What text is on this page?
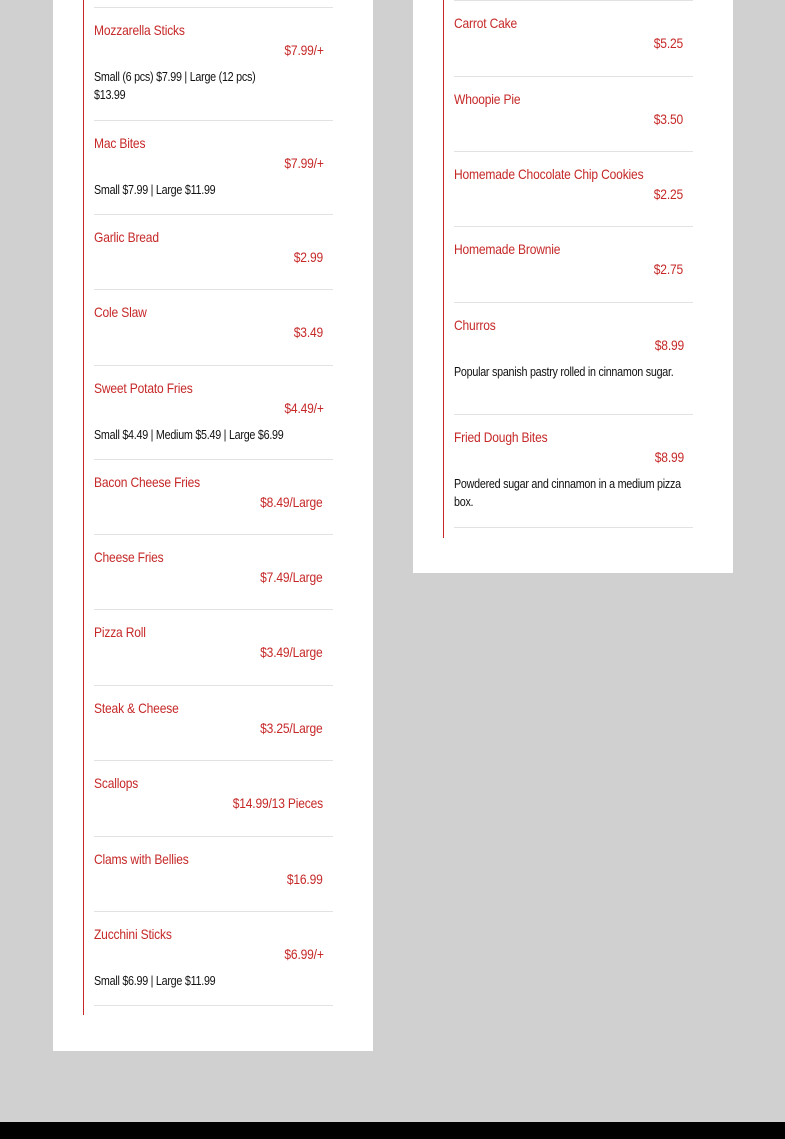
Mozzarella Sticks
$7.99/+
Small (6 pcs) $7.99 | Large (12 pcs) $13.99
Mac Bites
$7.99/+
Small $7.99 | Large $11.99
Garlic Bread
$2.99
Cole Slaw
$3.49
Sweet Potato Fries
$4.49/+
Small $4.49 | Medium $5.49 | Large $6.99
Bacon Cheese Fries
$8.49/Large
Cheese Fries
$7.49/Large
Pizza Roll
$3.49/Large
Steak & Cheese
$3.25/Large
Scallops
$14.99/13 Pieces
Clams with Bellies
$16.99
Zucchini Sticks
$6.99/+
Small $6.99 | Large $11.99
Carrot Cake
$5.25
Whoopie Pie
$3.50
Homemade Chocolate Chip Cookies
$2.25
Homemade Brownie
$2.75
Churros
$8.99
Popular spanish pastry rolled in cinnamon sugar.
Fried Dough Bites
$8.99
Powdered sugar and cinnamon in a medium pizza box.
